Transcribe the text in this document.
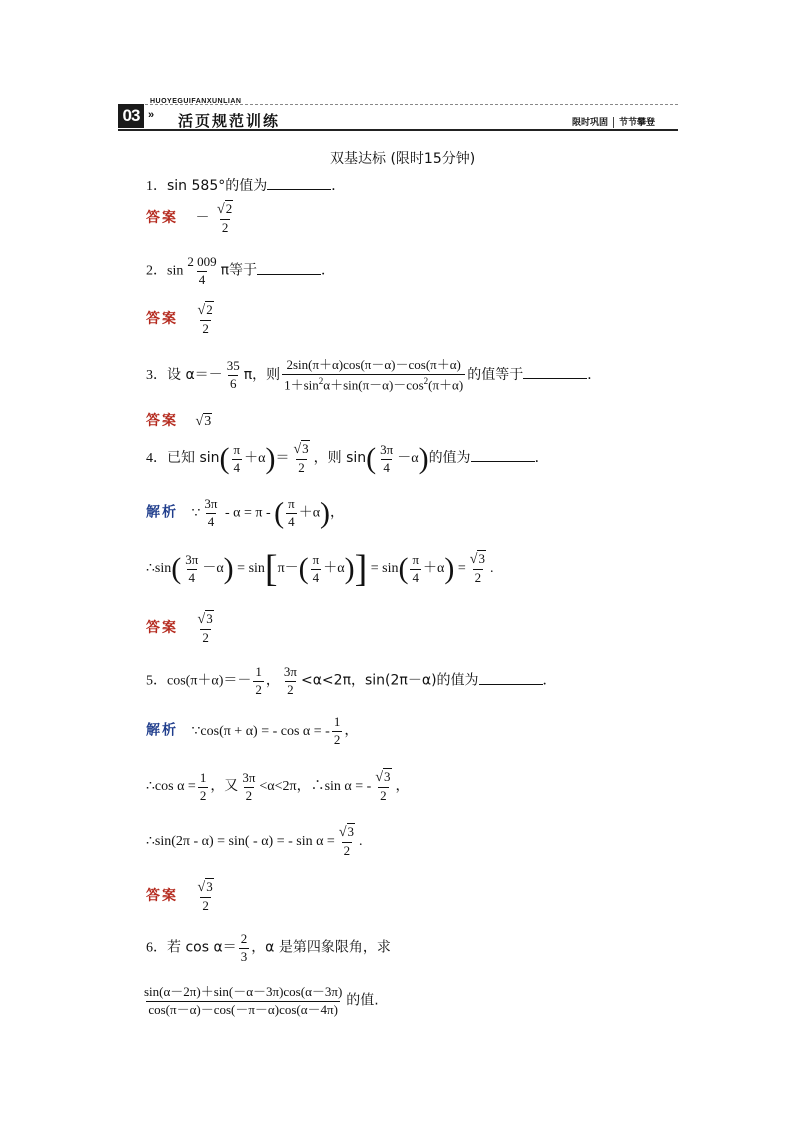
03
HUOYEGUIFANXUNLIAN
» 活页规范训练	限时巩固 节节攀登
双基达标 (限时15分钟)
1．sin 585°的值为	．
答案 － $\frac{√2}{2}$
2．$\sin \frac{2 009}{4}$ π等于	．
答案 $\frac{√2}{2}$
3．设 $\alpha=- \frac{35}{6}$ π，则 $\frac{2\sin(\pi+\alpha)\cos(\pi-\alpha)-\cos(\pi+\alpha)}{1+\sin^2\alpha+\sin(\pi-\alpha)-\cos^2(\pi+\alpha)}$ 的值等于	．
答案 √3
4．已知 $\sin( \frac{\pi}{4} +\alpha)= \frac{√3}{2}$ ，则 $\sin( \frac{3\pi}{4} -\alpha)$的值为	．
解析 ∵ $\frac{3\pi}{4} - \alpha = \pi$ - ( $\frac{\pi}{4} +\alpha$)，
∴sin( $\frac{3\pi}{4} -\alpha) = \sin[\pi-( \frac{\pi}{4} +\alpha)] = \sin( \frac{\pi}{4} +\alpha) = \frac{√3}{2}$ .
答案 $\frac{√3}{2}$
5．$\cos(\pi+\alpha)=- \frac{1}{2}$ ， $\frac{3\pi}{2} <\alpha<2\pi$，sin(2π－α)的值为	．
解析 ∵cos(π + α) = - cos α = - $\frac{1}{2}$ ，
∴cos $\alpha = \frac{1}{2}$ ，又 $\frac{3\pi}{2} <\alpha<2\pi$，∴sin α = - $\frac{√3}{2}$ ，
∴sin(2π - α) = sin( - α) = - $\sin \alpha = \frac{√3}{2}$ .
答案 $\frac{√3}{2}$
6．若 $\cos \alpha= \frac{2}{3}$ ，α 是第四象限角，求
$\frac{\sin(\alpha-2\pi)+\sin(-\alpha-3\pi)\cos(\alpha-3\pi)}{\cos(\pi-\alpha)-\cos(-\pi-\alpha)\cos(\alpha-4\pi)}$ 的值.
